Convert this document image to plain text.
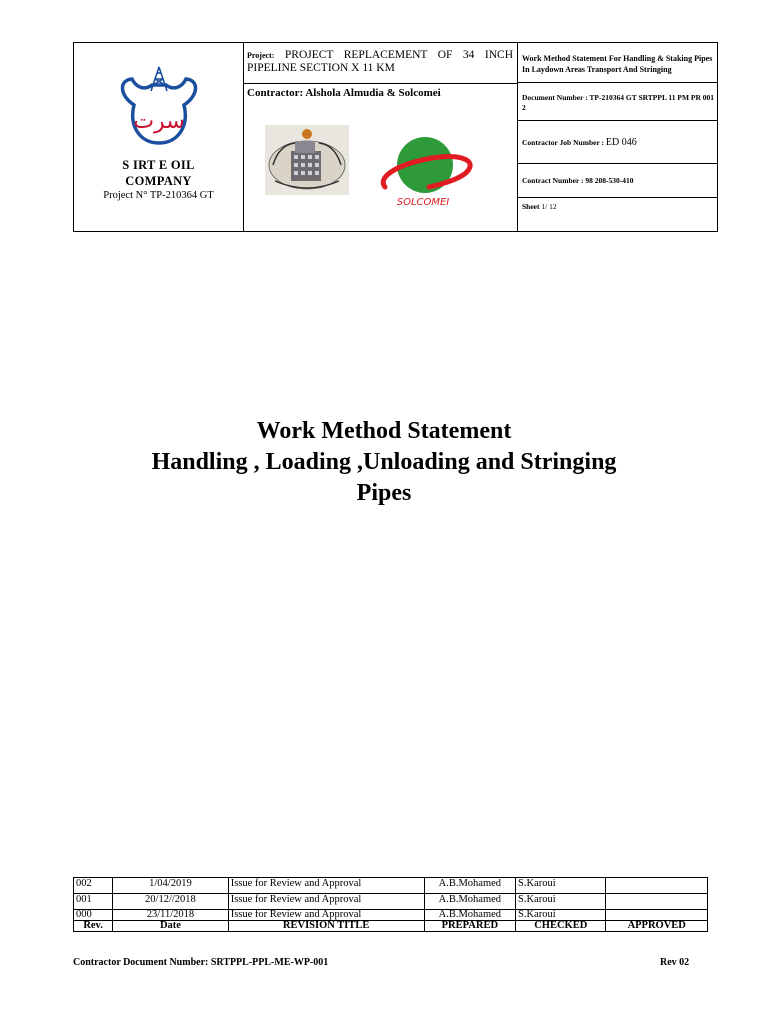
سرت
S IRT E OIL
COMPANY
Project N° TP-210364 GT
Project: PROJECT REPLACEMENT OF 34 INCH PIPELINE SECTION X 11 KM
Contractor: Alshola Almudia & Solcomei
SOLCOMEI
Work Method Statement For Handling & Staking Pipes In Laydown Areas Transport And Stringing
Document Number : TP-210364 GT SRTPPL 11 PM PR 001 2
Contractor Job Number : ED 046
Contract Number : 98 208-530-410
Sheet 1/ 12
Work Method Statement
Handling , Loading ,Unloading and Stringing
Pipes
002	1/04/2019	Issue for Review and Approval	A.B.Mohamed	S.Karoui	
001	20/12//2018	Issue for Review and Approval	A.B.Mohamed	S.Karoui	
000	23/11/2018	Issue for Review and Approval	A.B.Mohamed	S.Karoui	
Rev.	Date	REVISION TITLE	PREPARED	CHECKED	APPROVED
Contractor Document Number: SRTPPL-PPL-ME-WP-001	Rev 02
